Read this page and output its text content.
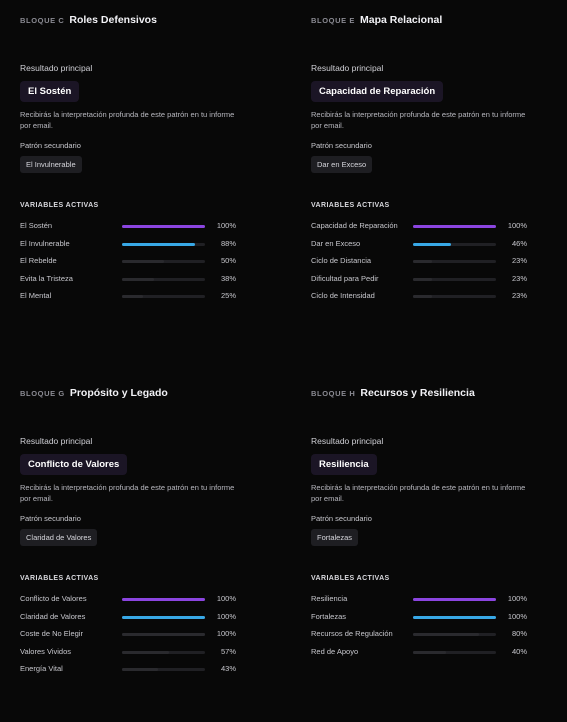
BLOQUE C Roles Defensivos
Resultado principal
El Sostén
Recibirás la interpretación profunda de este patrón en tu informe por email.
Patrón secundario
El Invulnerable
VARIABLES ACTIVAS
El Sostén	100%
El Invulnerable	88%
El Rebelde	50%
Evita la Tristeza	38%
El Mental	25%
BLOQUE E Mapa Relacional
Resultado principal
Capacidad de Reparación
Recibirás la interpretación profunda de este patrón en tu informe por email.
Patrón secundario
Dar en Exceso
VARIABLES ACTIVAS
Capacidad de Reparación	100%
Dar en Exceso	46%
Ciclo de Distancia	23%
Dificultad para Pedir	23%
Ciclo de Intensidad	23%
BLOQUE G Propósito y Legado
Resultado principal
Conflicto de Valores
Recibirás la interpretación profunda de este patrón en tu informe por email.
Patrón secundario
Claridad de Valores
VARIABLES ACTIVAS
Conflicto de Valores	100%
Claridad de Valores	100%
Coste de No Elegir	100%
Valores Vividos	57%
Energía Vital	43%
BLOQUE H Recursos y Resiliencia
Resultado principal
Resiliencia
Recibirás la interpretación profunda de este patrón en tu informe por email.
Patrón secundario
Fortalezas
VARIABLES ACTIVAS
Resiliencia	100%
Fortalezas	100%
Recursos de Regulación	80%
Red de Apoyo	40%
